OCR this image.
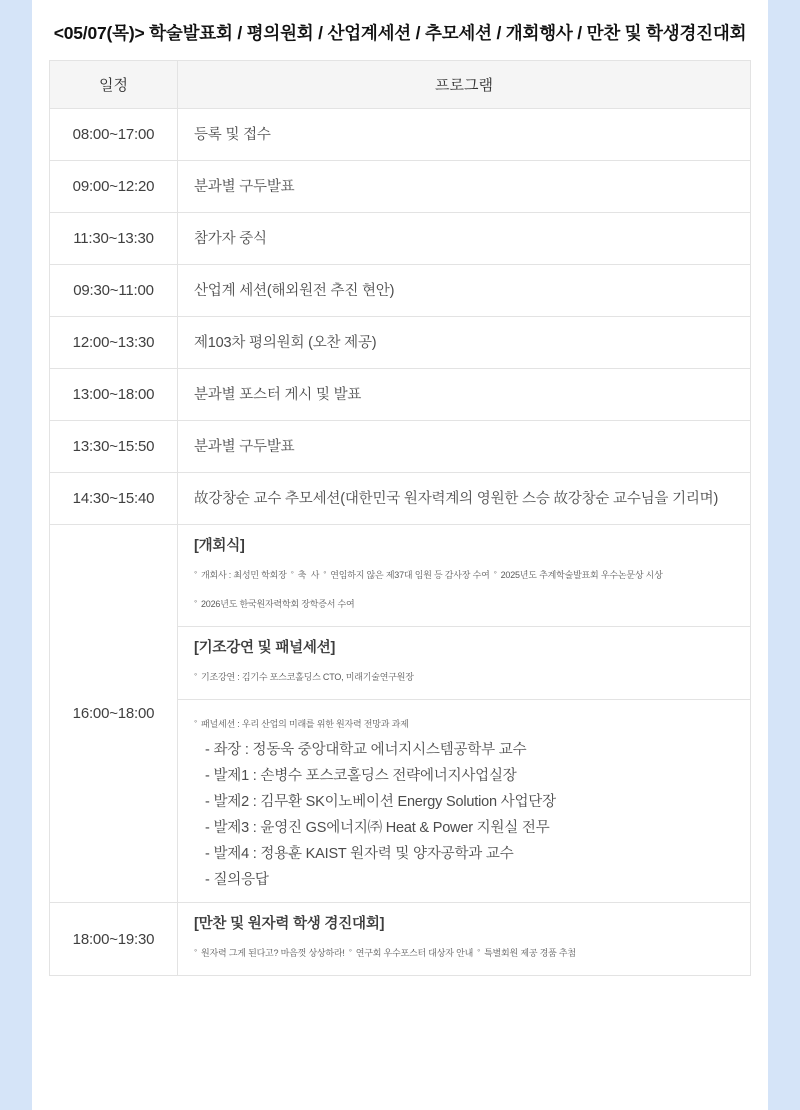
<05/07(목)> 학술발표회 / 평의원회 / 산업계세션 / 추모세션 / 개회행사 / 만찬 및 학생경진대회
일정	프로그램
08:00~17:00	등록 및 접수

09:00~12:20	분과별 구두발표

11:30~13:30	참가자 중식

09:30~11:00	산업계 세션(해외원전 추진 현안)

12:00~13:30	제103차 평의원회 (오찬 제공)

13:00~18:00	분과별 포스터 게시 및 발표

13:30~15:50	분과별 구두발표

14:30~15:40	故강창순 교수 추모세션(대한민국 원자력계의 영원한 스승 故강창순 교수님을 기리며)

16:00~18:00	[개회식]
◦ 개회사 : 최성민 학회장 ◦ 축  사 ◦ 연임하지 않은 제37대 임원 등 감사장 수여 ◦ 2025년도 추계학술발표회 우수논문상 시상◦ 2026년도 한국원자력학회 장학증서 수여

	[기조강연 및 패널세션]
◦ 기조강연 : 김기수 포스코홀딩스 CTO, 미래기술연구원장
◦ 패널세션 : 우리 산업의 미래를 위한 원자력 전망과 과제
- 좌장 : 정동욱 중앙대학교 에너지시스템공학부 교수
- 발제1 : 손병수 포스코홀딩스 전략에너지사업실장
- 발제2 : 김무환 SK이노베이션 Energy Solution 사업단장
- 발제3 : 윤영진 GS에너지㈜ Heat & Power 지원실 전무
- 발제4 : 정용훈 KAIST 원자력 및 양자공학과 교수
- 질의응답

18:00~19:30	[만찬 및 원자력 학생 경진대회]
◦ 원자력 그게 된다고? 마음껏 상상하라! ◦ 연구회 우수포스터 대상자 안내 ◦ 특별회원 제공 경품 추첨
